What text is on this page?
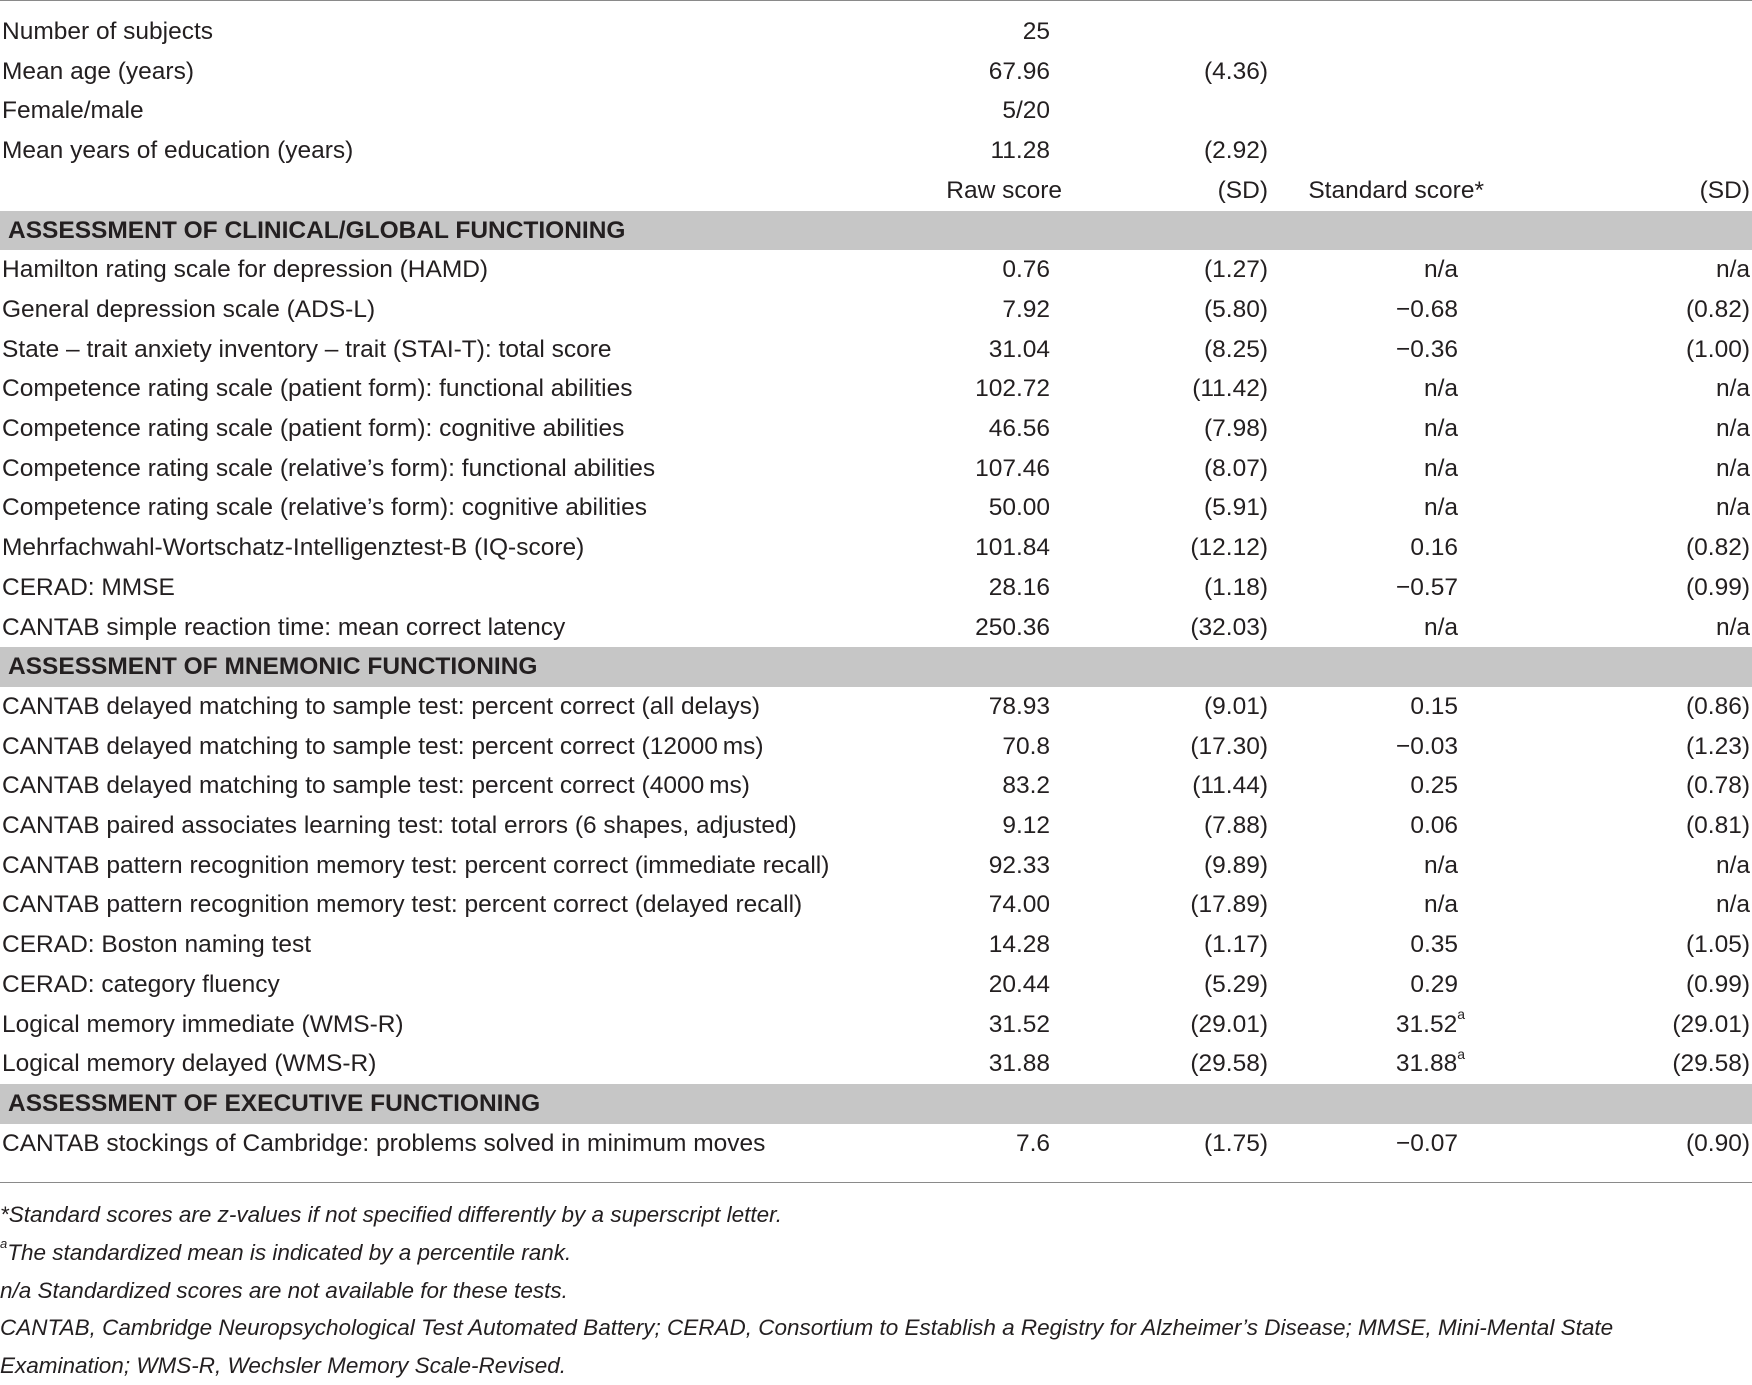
Number of subjects	25			
Mean age (years)	67.96	(4.36)		
Female/male	5/20			
Mean years of education (years)	11.28	(2.92)		
	Raw score	(SD)	Standard score*	(SD)
ASSESSMENT OF CLINICAL/GLOBAL FUNCTIONING				
Hamilton rating scale for depression (HAMD)	0.76	(1.27)	n/a	n/a
General depression scale (ADS-L)	7.92	(5.80)	−0.68	(0.82)
State – trait anxiety inventory – trait (STAI-T): total score	31.04	(8.25)	−0.36	(1.00)
Competence rating scale (patient form): functional abilities	102.72	(11.42)	n/a	n/a
Competence rating scale (patient form): cognitive abilities	46.56	(7.98)	n/a	n/a
Competence rating scale (relative’s form): functional abilities	107.46	(8.07)	n/a	n/a
Competence rating scale (relative’s form): cognitive abilities	50.00	(5.91)	n/a	n/a
Mehrfachwahl-Wortschatz-Intelligenztest-B (IQ-score)	101.84	(12.12)	0.16	(0.82)
CERAD: MMSE	28.16	(1.18)	−0.57	(0.99)
CANTAB simple reaction time: mean correct latency	250.36	(32.03)	n/a	n/a
ASSESSMENT OF MNEMONIC FUNCTIONING				
CANTAB delayed matching to sample test: percent correct (all delays)	78.93	(9.01)	0.15	(0.86)
CANTAB delayed matching to sample test: percent correct (12000 ms)	70.8	(17.30)	−0.03	(1.23)
CANTAB delayed matching to sample test: percent correct (4000 ms)	83.2	(11.44)	0.25	(0.78)
CANTAB paired associates learning test: total errors (6 shapes, adjusted)	9.12	(7.88)	0.06	(0.81)
CANTAB pattern recognition memory test: percent correct (immediate recall)	92.33	(9.89)	n/a	n/a
CANTAB pattern recognition memory test: percent correct (delayed recall)	74.00	(17.89)	n/a	n/a
CERAD: Boston naming test	14.28	(1.17)	0.35	(1.05)
CERAD: category fluency	20.44	(5.29)	0.29	(0.99)
Logical memory immediate (WMS-R)	31.52	(29.01)	31.52$^a$	(29.01)
Logical memory delayed (WMS-R)	31.88	(29.58)	31.88$^a$	(29.58)
ASSESSMENT OF EXECUTIVE FUNCTIONING				
CANTAB stockings of Cambridge: problems solved in minimum moves	7.6	(1.75)	−0.07	(0.90)
*Standard scores are z-values if not specified differently by a superscript letter.
$^a$The standardized mean is indicated by a percentile rank.
n/a Standardized scores are not available for these tests.
CANTAB, Cambridge Neuropsychological Test Automated Battery; CERAD, Consortium to Establish a Registry for Alzheimer’s Disease; MMSE, Mini-Mental State Examination; WMS-R, Wechsler Memory Scale-Revised.
